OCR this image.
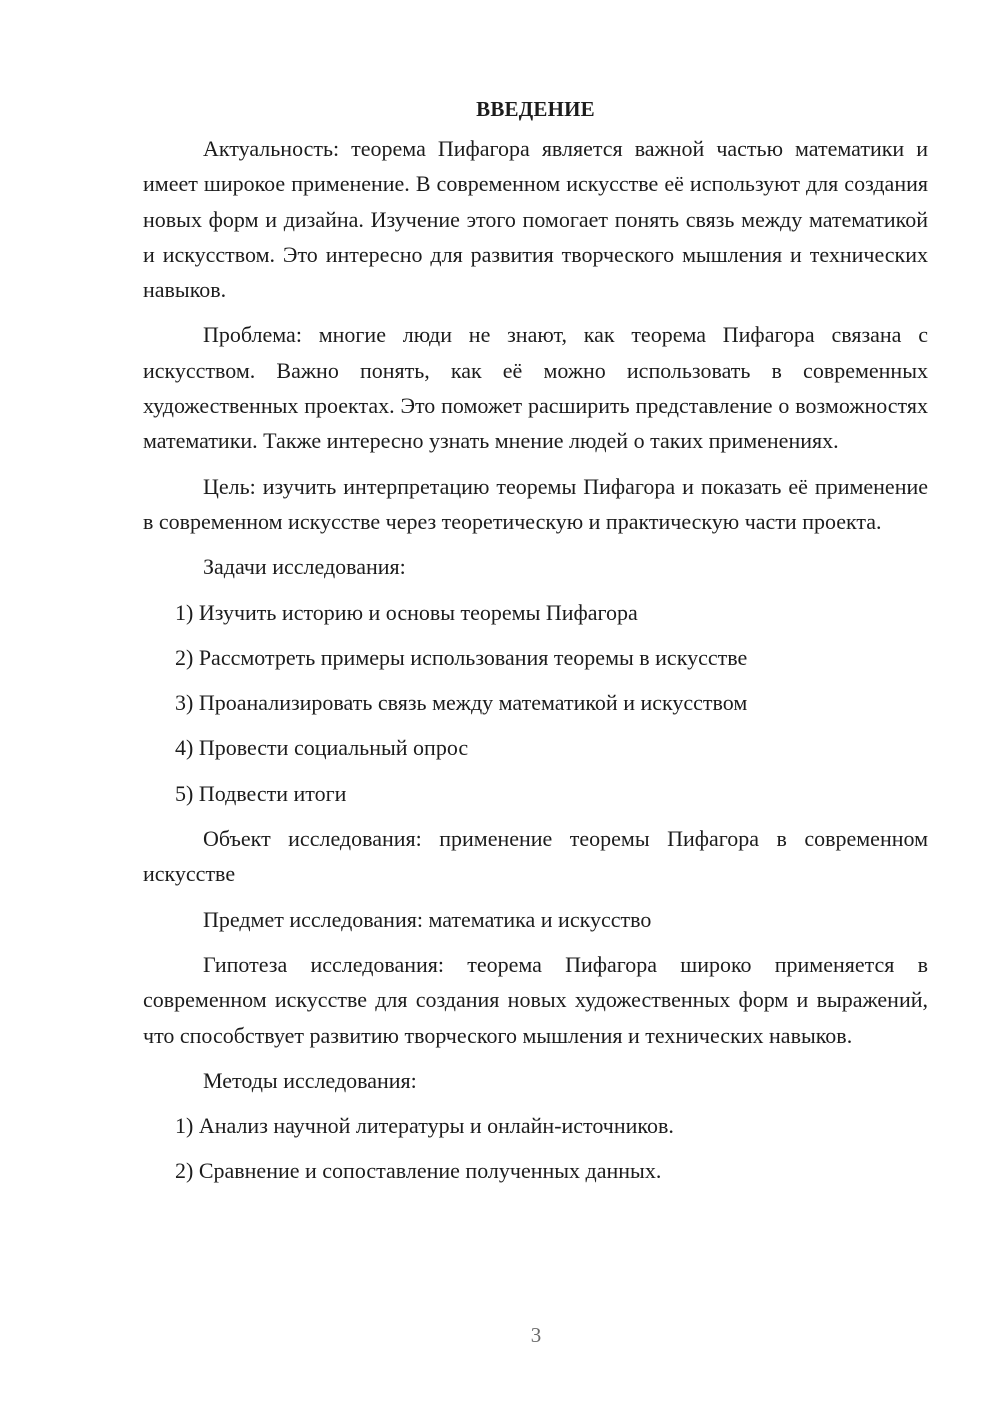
ВВЕДЕНИЕ

Актуальность: теорема Пифагора является важной частью математики и имеет широкое применение. В современном искусстве её используют для создания новых форм и дизайна. Изучение этого помогает понять связь между математикой и искусством. Это интересно для развития творческого мышления и технических навыков.

Проблема: многие люди не знают, как теорема Пифагора связана с искусством. Важно понять, как её можно использовать в современных художественных проектах. Это поможет расширить представление о возможностях математики. Также интересно узнать мнение людей о таких применениях.

Цель: изучить интерпретацию теоремы Пифагора и показать её применение в современном искусстве через теоретическую и практическую части проекта.

Задачи исследования:

1) Изучить историю и основы теоремы Пифагора

2) Рассмотреть примеры использования теоремы в искусстве

3) Проанализировать связь между математикой и искусством

4) Провести социальный опрос

5) Подвести итоги

Объект исследования: применение теоремы Пифагора в современном искусстве

Предмет исследования: математика и искусство

Гипотеза исследования: теорема Пифагора широко применяется в современном искусстве для создания новых художественных форм и выражений, что способствует развитию творческого мышления и технических навыков.

Методы исследования:

1) Анализ научной литературы и онлайн-источников.

2) Сравнение и сопоставление полученных данных.

3
